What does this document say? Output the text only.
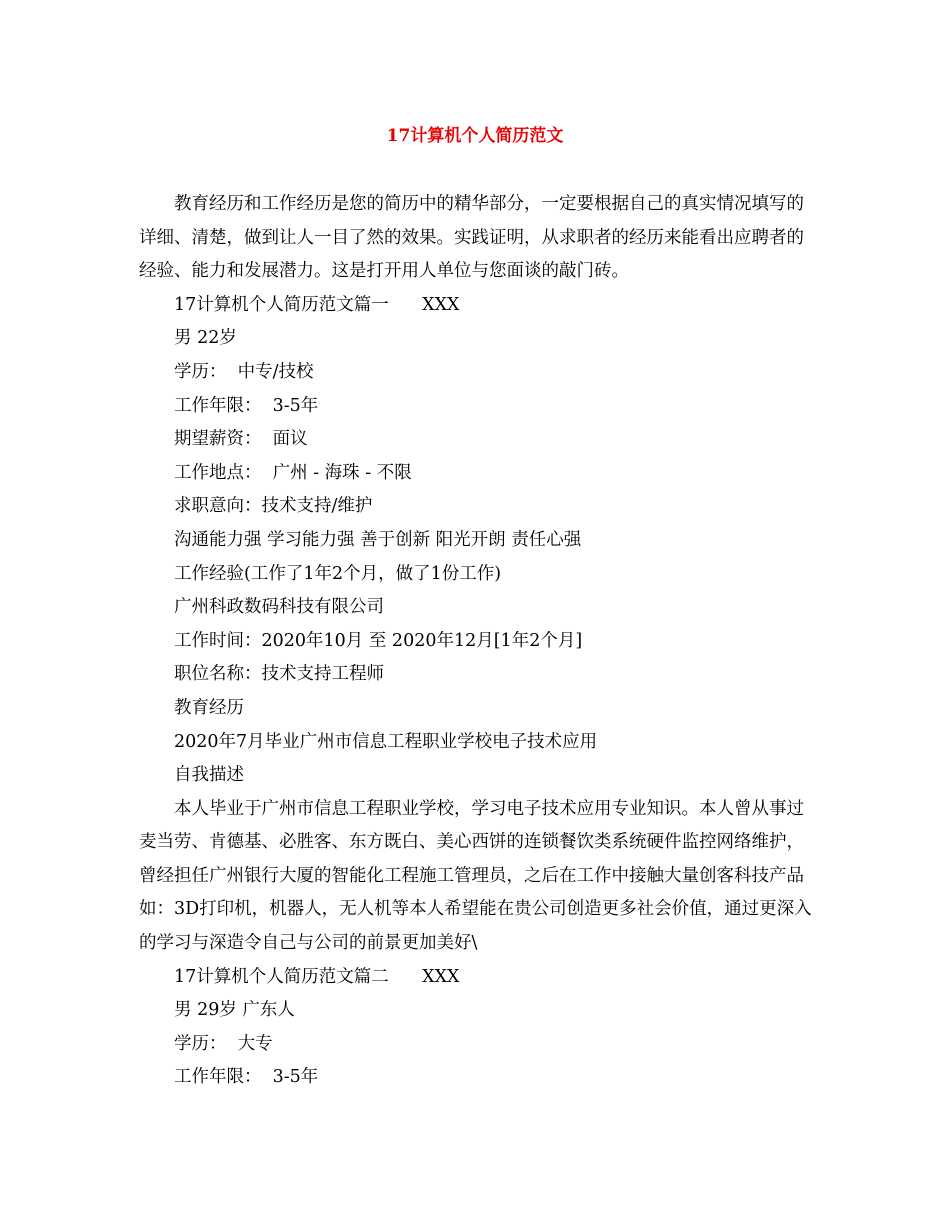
17计算机个人简历范文

教育经历和工作经历是您的简历中的精华部分，一定要根据自己的真实情况填写的详细、清楚，做到让人一目了然的效果。实践证明，从求职者的经历来能看出应聘者的经验、能力和发展潜力。这是打开用人单位与您面谈的敲门砖。

17计算机个人简历范文篇一      XXX
男 22岁
学历：  中专/技校
工作年限：  3-5年
期望薪资：  面议
工作地点：  广州 - 海珠 - 不限
求职意向：技术支持/维护
沟通能力强 学习能力强 善于创新 阳光开朗 责任心强
工作经验(工作了1年2个月，做了1份工作)
广州科政数码科技有限公司
工作时间：2020年10月 至 2020年12月[1年2个月]
职位名称：技术支持工程师
教育经历
2020年7月毕业广州市信息工程职业学校电子技术应用
自我描述

本人毕业于广州市信息工程职业学校，学习电子技术应用专业知识。本人曾从事过麦当劳、肯德基、必胜客、东方既白、美心西饼的连锁餐饮类系统硬件监控网络维护，曾经担任广州银行大厦的智能化工程施工管理员，之后在工作中接触大量创客科技产品如：3D打印机，机器人，无人机等本人希望能在贵公司创造更多社会价值，通过更深入的学习与深造令自己与公司的前景更加美好\

17计算机个人简历范文篇二      XXX
男 29岁 广东人
学历：  大专
工作年限：  3-5年
